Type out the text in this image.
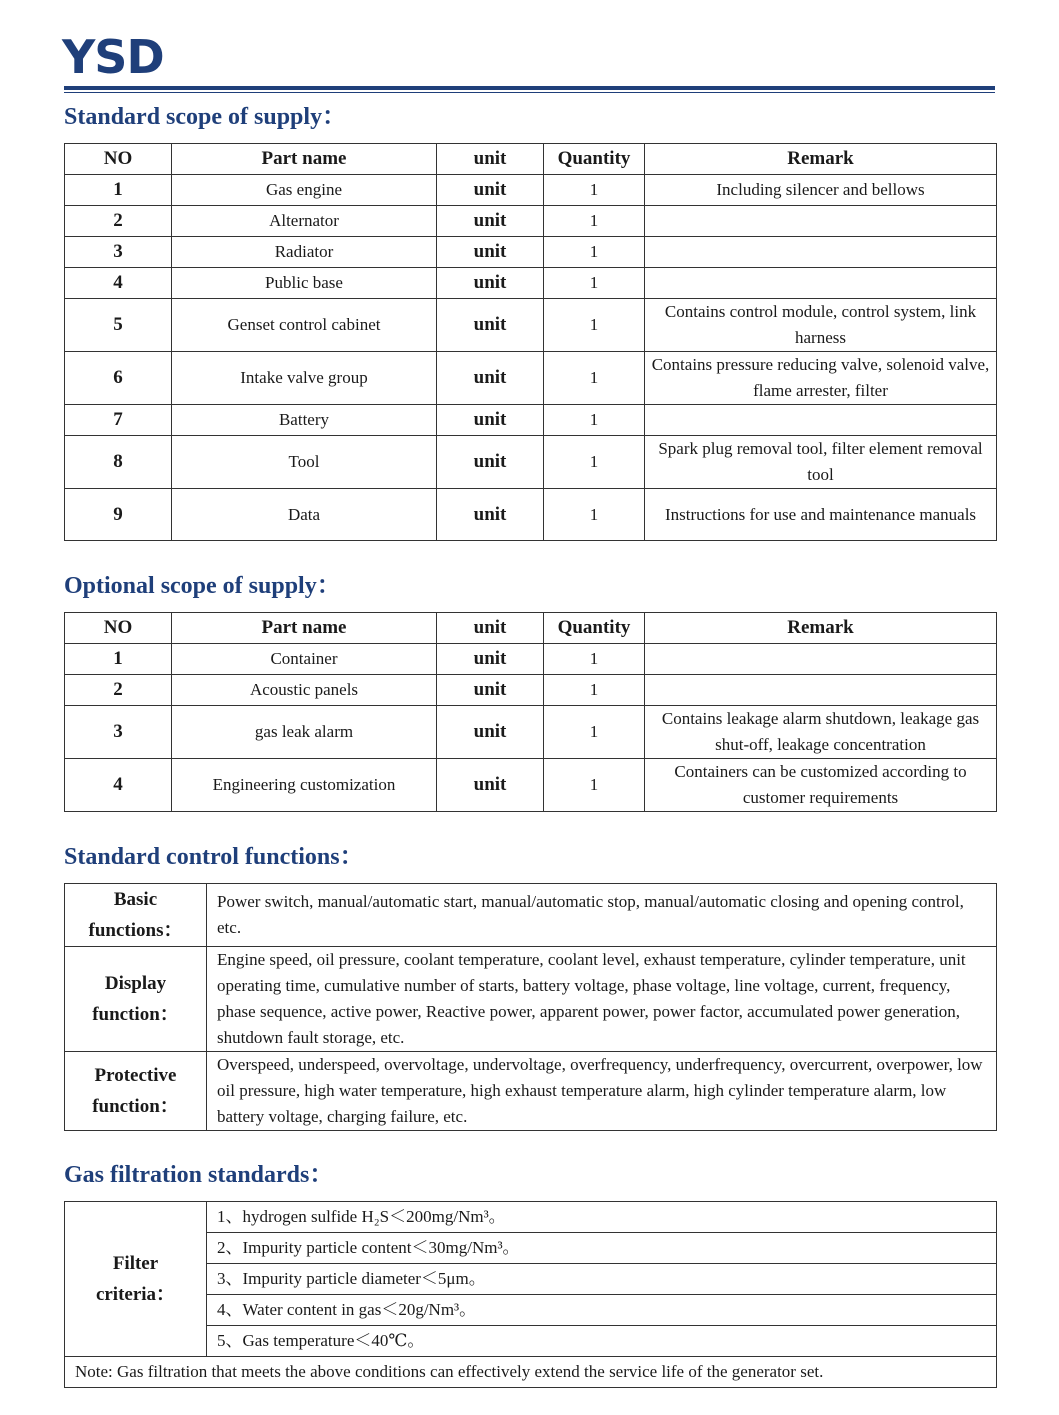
YSD
Standard scope of supply：
NO	Part name	unit	Quantity	Remark
1	Gas engine	unit	1	Including silencer and bellows
2	Alternator	unit	1	
3	Radiator	unit	1	
4	Public base	unit	1	
5	Genset control cabinet	unit	1	Contains control module, control system, link harness
6	Intake valve group	unit	1	Contains pressure reducing valve, solenoid valve, flame arrester, filter
7	Battery	unit	1	
8	Tool	unit	1	Spark plug removal tool, filter element removal tool
9	Data	unit	1	Instructions for use and maintenance manuals
Optional scope of supply：
NO	Part name	unit	Quantity	Remark
1	Container	unit	1	
2	Acoustic panels	unit	1	
3	gas leak alarm	unit	1	Contains leakage alarm shutdown, leakage gas shut-off, leakage concentration
4	Engineering customization	unit	1	Containers can be customized according to customer requirements
Standard control functions：
Basic
functions：	Power switch, manual/automatic start, manual/automatic stop, manual/automatic closing and opening control, etc.

Display
function：	Engine speed, oil pressure, coolant temperature, coolant level, exhaust temperature, cylinder temperature, unit operating time, cumulative number of starts, battery voltage, phase voltage, line voltage, current, frequency, phase sequence, active power, Reactive power, apparent power, power factor, accumulated power generation, shutdown fault storage, etc.

Protective
function：	Overspeed, underspeed, overvoltage, undervoltage, overfrequency, underfrequency, overcurrent, overpower, low oil pressure, high water temperature, high exhaust temperature alarm, high cylinder temperature alarm, low battery voltage, charging failure, etc.
Gas filtration standards：
Filter
criteria：
	1、hydrogen sulfide H₂S＜200mg/Nm³。
2、Impurity particle content＜30mg/Nm³。
3、Impurity particle diameter＜5μm。
4、Water content in gas＜20g/Nm³。
5、Gas temperature＜40℃。
Note: Gas filtration that meets the above conditions can effectively extend the service life of the generator set.
